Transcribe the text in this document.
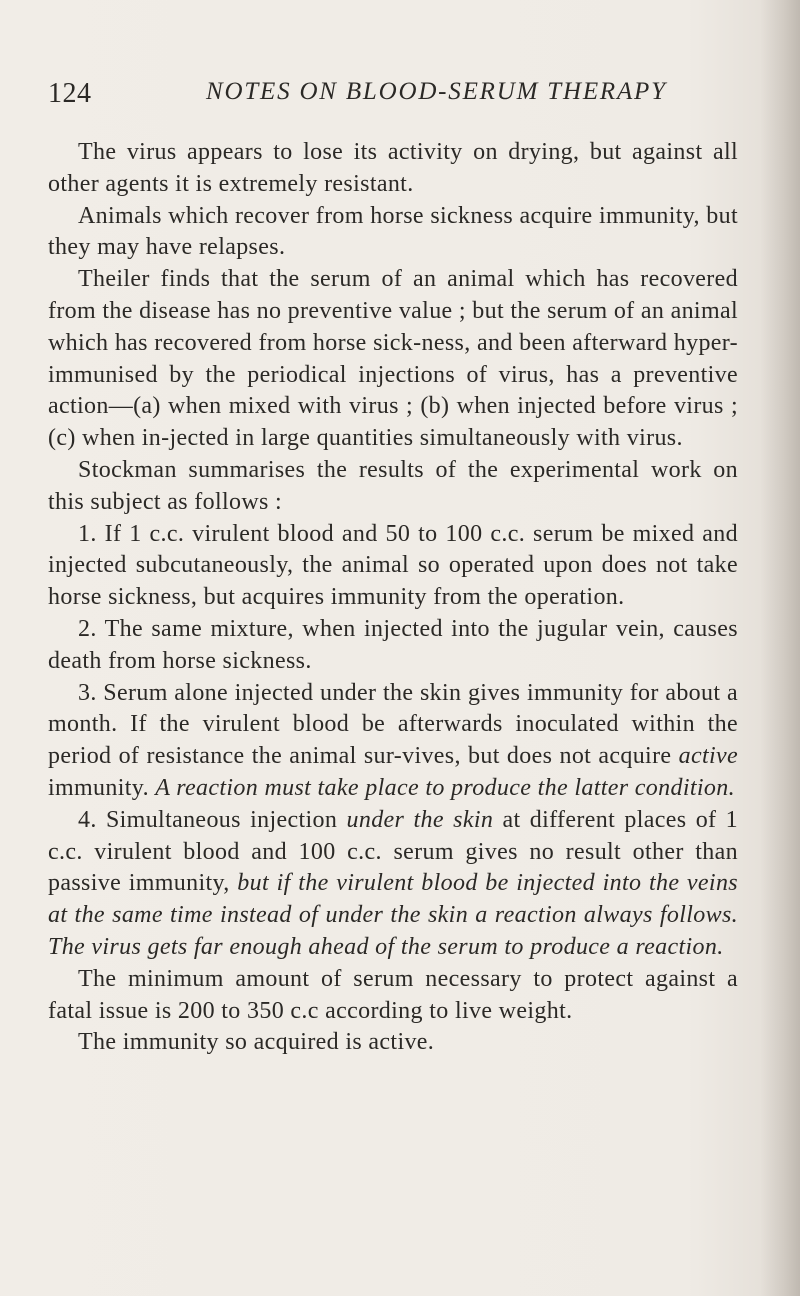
124	NOTES ON BLOOD-SERUM THERAPY

The virus appears to lose its activity on drying, but against all other agents it is extremely resistant.

Animals which recover from horse sickness acquire immunity, but they may have relapses.

Theiler finds that the serum of an animal which has recovered from the disease has no preventive value ; but the serum of an animal which has recovered from horse sick-ness, and been afterward hyper-immunised by the periodical injections of virus, has a preventive action—(a) when mixed with virus ; (b) when injected before virus ; (c) when in-jected in large quantities simultaneously with virus.

Stockman summarises the results of the experimental work on this subject as follows :

1. If 1 c.c. virulent blood and 50 to 100 c.c. serum be mixed and injected subcutaneously, the animal so operated upon does not take horse sickness, but acquires immunity from the operation.

2. The same mixture, when injected into the jugular vein, causes death from horse sickness.

3. Serum alone injected under the skin gives immunity for about a month. If the virulent blood be afterwards inoculated within the period of resistance the animal sur-vives, but does not acquire active immunity. A reaction must take place to produce the latter condition.

4. Simultaneous injection under the skin at different places of 1 c.c. virulent blood and 100 c.c. serum gives no result other than passive immunity, but if the virulent blood be injected into the veins at the same time instead of under the skin a reaction always follows. The virus gets far enough ahead of the serum to produce a reaction.

The minimum amount of serum necessary to protect against a fatal issue is 200 to 350 c.c according to live weight.

The immunity so acquired is active.
